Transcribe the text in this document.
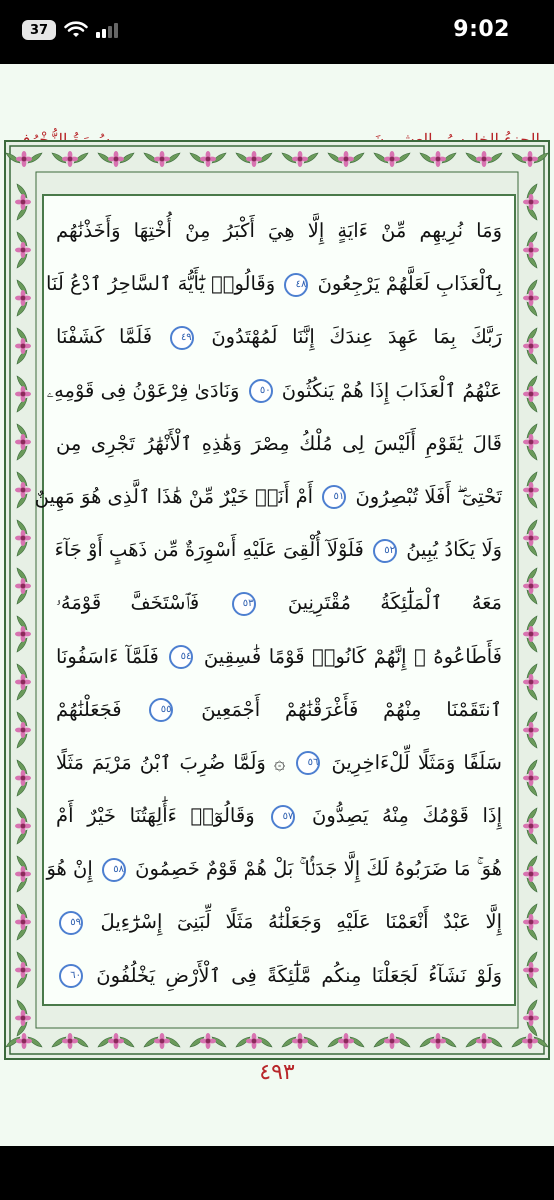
37	9:02
وَمَا نُرِيهِم مِّنْ ءَايَةٍ إِلَّا هِيَ أَكْبَرُ مِنْ أُخْتِهَا وَأَخَذْنَٰهُم
بِٱلْعَذَابِ لَعَلَّهُمْ يَرْجِعُونَ ٤٨ وَقَالُوا۟ يَٰٓأَيُّهَ ٱلسَّاحِرُ ٱدْعُ لَنَا
رَبَّكَ بِمَا عَهِدَ عِندَكَ إِنَّنَا لَمُهْتَدُونَ ٤٩ فَلَمَّا كَشَفْنَا
عَنْهُمُ ٱلْعَذَابَ إِذَا هُمْ يَنكُثُونَ ٥٠ وَنَادَىٰ فِرْعَوْنُ فِى قَوْمِهِۦ
قَالَ يَٰقَوْمِ أَلَيْسَ لِى مُلْكُ مِصْرَ وَهَٰذِهِ ٱلْأَنْهَٰرُ تَجْرِى مِن
تَحْتِىٓ ۖ أَفَلَا تُبْصِرُونَ ٥١ أَمْ أَنَا۠ خَيْرٌ مِّنْ هَٰذَا ٱلَّذِى هُوَ مَهِينٌ
وَلَا يَكَادُ يُبِينُ ٥٢ فَلَوْلَآ أُلْقِىَ عَلَيْهِ أَسْوِرَةٌ مِّن ذَهَبٍ أَوْ جَآءَ
مَعَهُ ٱلْمَلَٰٓئِكَةُ مُقْتَرِنِينَ ٥٣ فَٱسْتَخَفَّ قَوْمَهُۥ
فَأَطَاعُوهُ ۚ إِنَّهُمْ كَانُوا۟ قَوْمًا فَٰسِقِينَ ٥٤ فَلَمَّآ ءَاسَفُونَا
ٱنتَقَمْنَا مِنْهُمْ فَأَغْرَقْنَٰهُمْ أَجْمَعِينَ ٥٥ فَجَعَلْنَٰهُمْ
سَلَفًا وَمَثَلًا لِّلْءَاخِرِينَ ٥٦ ۞ وَلَمَّا ضُرِبَ ٱبْنُ مَرْيَمَ مَثَلًا
إِذَا قَوْمُكَ مِنْهُ يَصِدُّونَ ٥٧ وَقَالُوٓا۟ ءَأَٰلِهَتُنَا خَيْرٌ أَمْ
هُوَ ۚ مَا ضَرَبُوهُ لَكَ إِلَّا جَدَلًۢا ۚ بَلْ هُمْ قَوْمٌ خَصِمُونَ ٥٨ إِنْ هُوَ
إِلَّا عَبْدٌ أَنْعَمْنَا عَلَيْهِ وَجَعَلْنَٰهُ مَثَلًا لِّبَنِىٓ إِسْرَٰٓءِيلَ ٥٩
وَلَوْ نَشَآءُ لَجَعَلْنَا مِنكُم مَّلَٰٓئِكَةً فِى ٱلْأَرْضِ يَخْلُفُونَ ٦٠
٤٩٣
